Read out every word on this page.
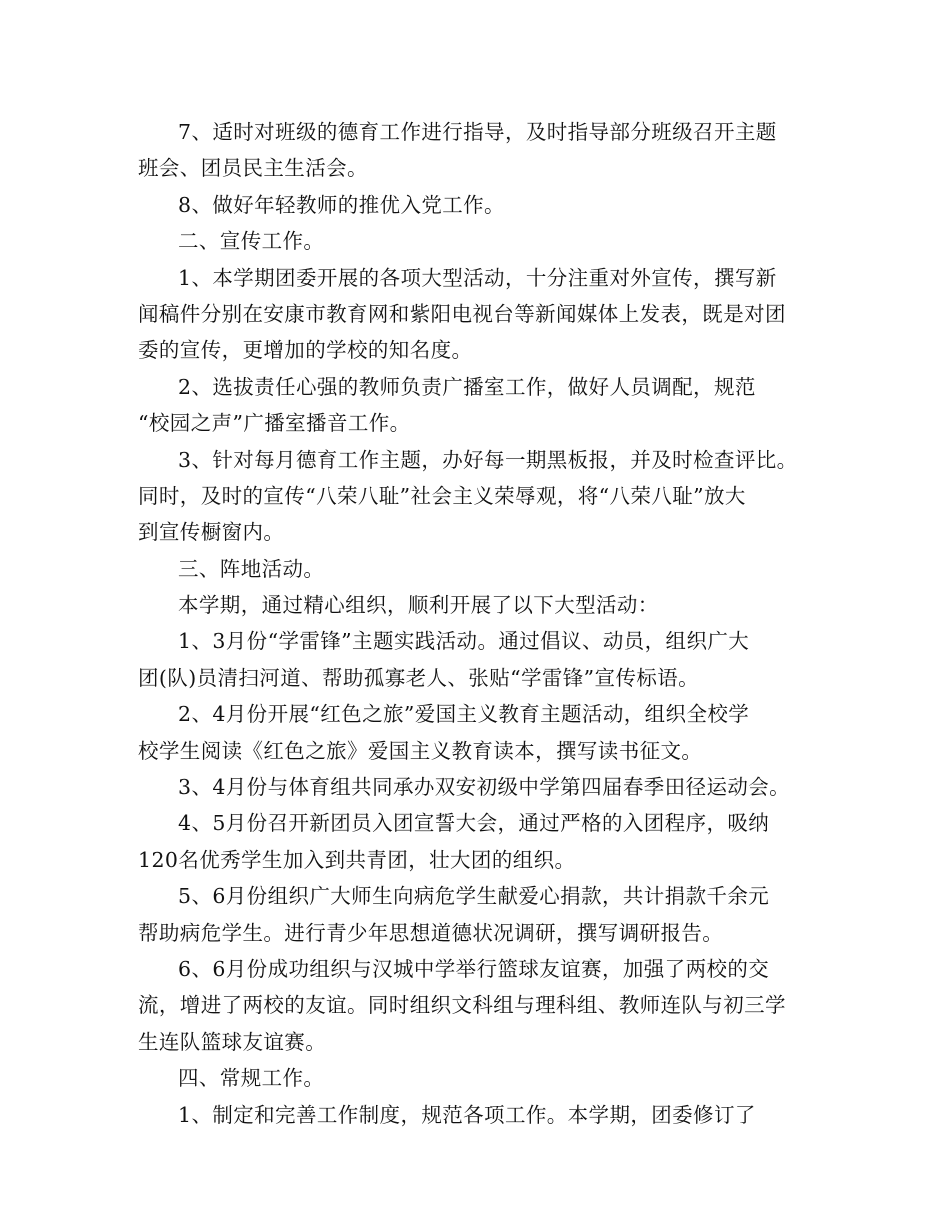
7、适时对班级的德育工作进行指导，及时指导部分班级召开主题
班会、团员民主生活会。
8、做好年轻教师的推优入党工作。
二、宣传工作。
1、本学期团委开展的各项大型活动，十分注重对外宣传，撰写新
闻稿件分别在安康市教育网和紫阳电视台等新闻媒体上发表，既是对团
委的宣传，更增加的学校的知名度。
2、选拔责任心强的教师负责广播室工作，做好人员调配，规范
“校园之声”广播室播音工作。
3、针对每月德育工作主题，办好每一期黑板报，并及时检查评比。
同时，及时的宣传“八荣八耻”社会主义荣辱观，将“八荣八耻”放大
到宣传橱窗内。
三、阵地活动。
本学期，通过精心组织，顺利开展了以下大型活动：
1、3月份“学雷锋”主题实践活动。通过倡议、动员，组织广大
团(队)员清扫河道、帮助孤寡老人、张贴“学雷锋”宣传标语。
2、4月份开展“红色之旅”爱国主义教育主题活动，组织全校学
校学生阅读《红色之旅》爱国主义教育读本，撰写读书征文。
3、4月份与体育组共同承办双安初级中学第四届春季田径运动会。
4、5月份召开新团员入团宣誓大会，通过严格的入团程序，吸纳
120名优秀学生加入到共青团，壮大团的组织。
5、6月份组织广大师生向病危学生献爱心捐款，共计捐款千余元
帮助病危学生。进行青少年思想道德状况调研，撰写调研报告。
6、6月份成功组织与汉城中学举行篮球友谊赛，加强了两校的交
流，增进了两校的友谊。同时组织文科组与理科组、教师连队与初三学
生连队篮球友谊赛。
四、常规工作。
1、制定和完善工作制度，规范各项工作。本学期，团委修订了
